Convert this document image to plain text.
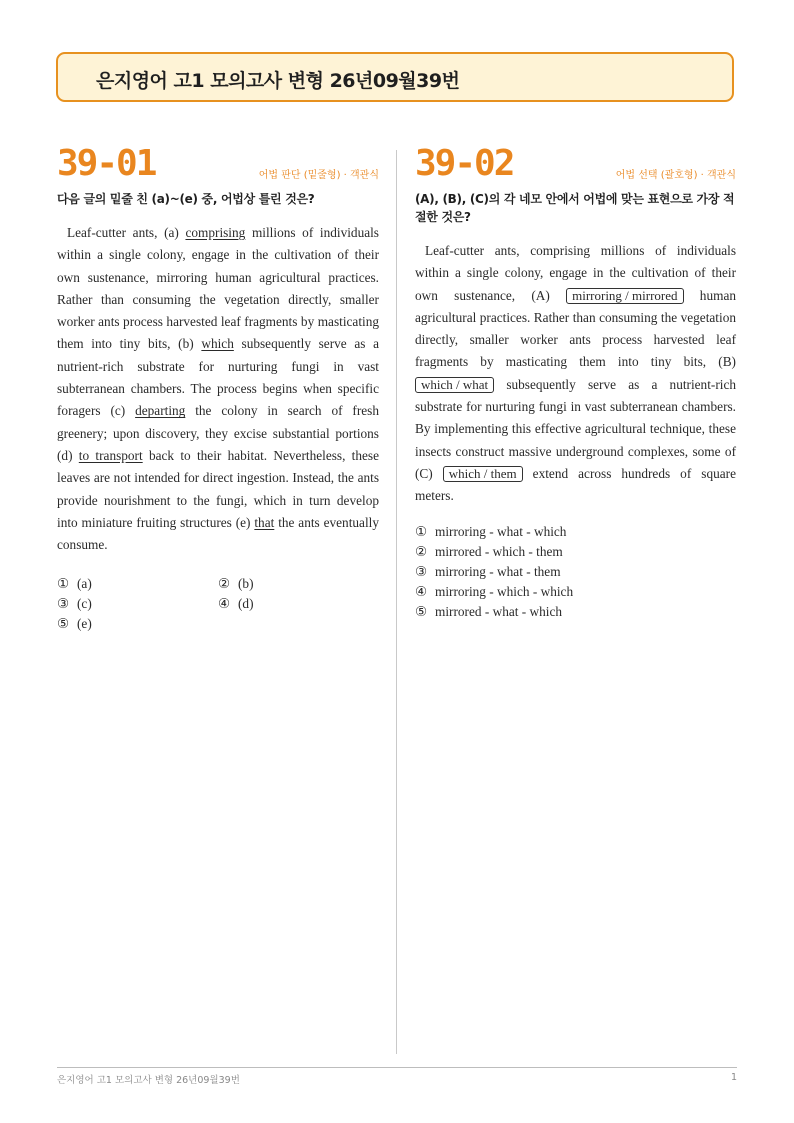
은지영어 고1 모의고사 변형 26년09월39번
39-01	어법 판단 (밑줄형) · 객관식
다음 글의 밑줄 친 (a)~(e) 중, 어법상 틀린 것은?
Leaf-cutter ants, (a) comprising millions of individuals within a single colony, engage in the cultivation of their own sustenance, mirroring human agricultural practices. Rather than consuming the vegetation directly, smaller worker ants process harvested leaf fragments by masticating them into tiny bits, (b) which subsequently serve as a nutrient-rich substrate for nurturing fungi in vast subterranean chambers. The process begins when specific foragers (c) departing the colony in search of fresh greenery; upon discovery, they excise substantial portions (d) to transport back to their habitat. Nevertheless, these leaves are not intended for direct ingestion. Instead, the ants provide nourishment to the fungi, which in turn develop into miniature fruiting structures (e) that the ants eventually consume.
① (a)	② (b)
③ (c)	④ (d)
⑤ (e)
39-02	어법 선택 (괄호형) · 객관식
(A), (B), (C)의 각 네모 안에서 어법에 맞는 표현으로 가장 적절한 것은?
Leaf-cutter ants, comprising millions of individuals within a single colony, engage in the cultivation of their own sustenance, (A) mirroring / mirrored human agricultural practices. Rather than consuming the vegetation directly, smaller worker ants process harvested leaf fragments by masticating them into tiny bits, (B) which / what subsequently serve as a nutrient-rich substrate for nurturing fungi in vast subterranean chambers. By implementing this effective agricultural technique, these insects construct massive underground complexes, some of (C) which / them extend across hundreds of square meters.
① mirroring - what - which
② mirrored - which - them
③ mirroring - what - them
④ mirroring - which - which
⑤ mirrored - what - which
은지영어 고1 모의고사 변형 26년09월39번	1
